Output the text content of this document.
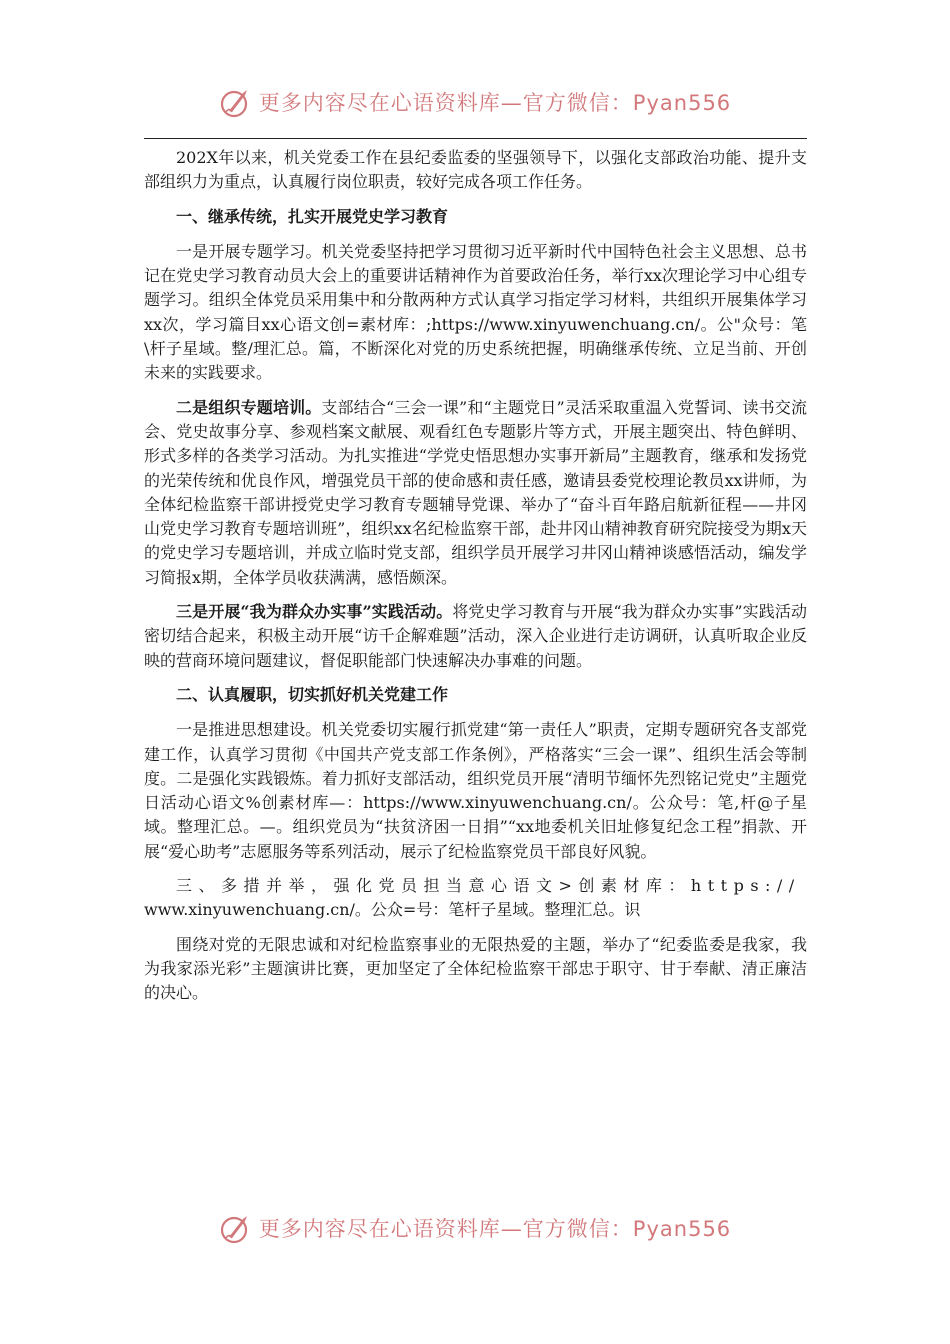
更多内容尽在心语资料库—官方微信：Pyan556

202X年以来，机关党委工作在县纪委监委的坚强领导下，以强化支部政治功能、提升支部组织力为重点，认真履行岗位职责，较好完成各项工作任务。

一、继承传统，扎实开展党史学习教育

一是开展专题学习。机关党委坚持把学习贯彻习近平新时代中国特色社会主义思想、总书记在党史学习教育动员大会上的重要讲话精神作为首要政治任务，举行xx次理论学习中心组专题学习。组织全体党员采用集中和分散两种方式认真学习指定学习材料，共组织开展集体学习xx次，学习篇目xx心语文创=素材库：;https://www.xinyuwenchuang.cn/。公"众号：笔\杆子星域。整/理汇总。篇，不断深化对党的历史系统把握，明确继承传统、立足当前、开创未来的实践要求。

二是组织专题培训。支部结合“三会一课”和“主题党日”灵活采取重温入党誓词、读书交流会、党史故事分享、参观档案文献展、观看红色专题影片等方式，开展主题突出、特色鲜明、形式多样的各类学习活动。为扎实推进“学党史悟思想办实事开新局”主题教育，继承和发扬党的光荣传统和优良作风，增强党员干部的使命感和责任感，邀请县委党校理论教员xx讲师，为全体纪检监察干部讲授党史学习教育专题辅导党课、举办了“奋斗百年路启航新征程——井冈山党史学习教育专题培训班”，组织xx名纪检监察干部，赴井冈山精神教育研究院接受为期x天的党史学习专题培训，并成立临时党支部，组织学员开展学习井冈山精神谈感悟活动，编发学习简报x期，全体学员收获满满，感悟颇深。

三是开展“我为群众办实事”实践活动。将党史学习教育与开展“我为群众办实事”实践活动密切结合起来，积极主动开展“访千企解难题”活动，深入企业进行走访调研，认真听取企业反映的营商环境问题建议，督促职能部门快速解决办事难的问题。

二、认真履职，切实抓好机关党建工作

一是推进思想建设。机关党委切实履行抓党建“第一责任人”职责，定期专题研究各支部党建工作，认真学习贯彻《中国共产党支部工作条例》，严格落实“三会一课”、组织生活会等制度。二是强化实践锻炼。着力抓好支部活动，组织党员开展“清明节缅怀先烈铭记党史”主题党日活动心语文%创素材库—：https://www.xinyuwenchuang.cn/。公众号：笔,杆@子星域。整理汇总。—。组织党员为“扶贫济困一日捐”“xx地委机关旧址修复纪念工程”捐款、开展“爱心助考”志愿服务等系列活动，展示了纪检监察党员干部良好风貌。

三、多措并举，强化党员担当意心语文>创素材库：https://

www.xinyuwenchuang.cn/。公众=号：笔杆子星域。整理汇总。识

围绕对党的无限忠诚和对纪检监察事业的无限热爱的主题，举办了“纪委监委是我家，我为我家添光彩”主题演讲比赛，更加坚定了全体纪检监察干部忠于职守、甘于奉献、清正廉洁的决心。

更多内容尽在心语资料库—官方微信：Pyan556
